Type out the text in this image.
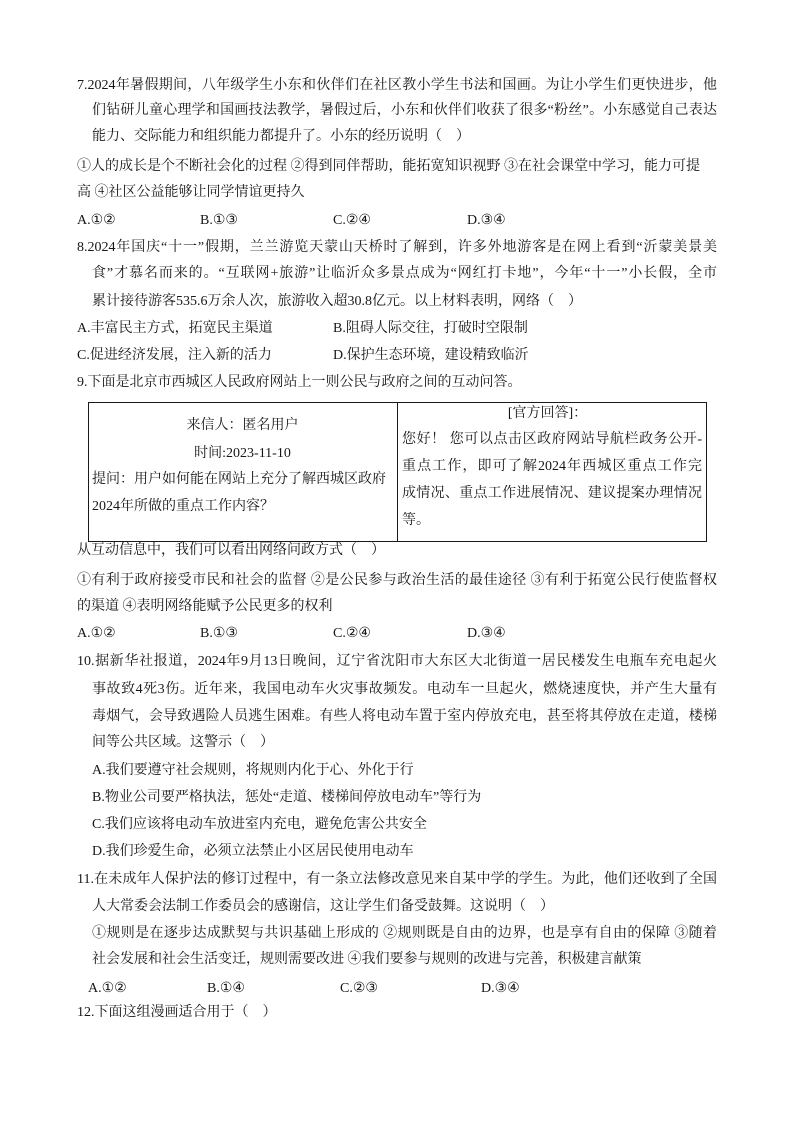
7.2024年暑假期间，八年级学生小东和伙伴们在社区教小学生书法和国画。为让小学生们更快进步，他
们钻研儿童心理学和国画技法教学，暑假过后，小东和伙伴们收获了很多“粉丝”。小东感觉自己表达
能力、交际能力和组织能力都提升了。小东的经历说明（    ）
①人的成长是个不断社会化的过程 ②得到同伴帮助，能拓宽知识视野 ③在社会课堂中学习，能力可提
高 ④社区公益能够让同学情谊更持久
A.①②	B.①③	C.②④	D.③④
8.2024年国庆“十一”假期，兰兰游览天蒙山天桥时了解到，许多外地游客是在网上看到“沂蒙美景美
食”才慕名而来的。“互联网+旅游”让临沂众多景点成为“网红打卡地”，今年“十一”小长假，全市
累计接待游客535.6万余人次，旅游收入超30.8亿元。以上材料表明，网络（    ）
A.丰富民主方式，拓宽民主渠道	B.阻碍人际交往，打破时空限制
C.促进经济发展，注入新的活力	D.保护生态环境，建设精致临沂
9.下面是北京市西城区人民政府网站上一则公民与政府之间的互动问答。
来信人：匿名用户
时间:2023-11-10
提问：用户如何能在网站上充分了解西城区政府
2024年所做的重点工作内容？
[官方回答]：
您好！ 您可以点击区政府网站导航栏政务公开-
重点工作，即可了解2024年西城区重点工作完
成情况、重点工作进展情况、建议提案办理情况
等。
从互动信息中，我们可以看出网络问政方式（    ）
①有利于政府接受市民和社会的监督 ②是公民参与政治生活的最佳途径 ③有利于拓宽公民行使监督权
的渠道 ④表明网络能赋予公民更多的权利
A.①②	B.①③	C.②④	D.③④
10.据新华社报道，2024年9月13日晚间，辽宁省沈阳市大东区大北街道一居民楼发生电瓶车充电起火
事故致4死3伤。近年来，我国电动车火灾事故频发。电动车一旦起火，燃烧速度快，并产生大量有
毒烟气，会导致遇险人员逃生困难。有些人将电动车置于室内停放充电，甚至将其停放在走道，楼梯
间等公共区域。这警示（    ）
A.我们要遵守社会规则，将规则内化于心、外化于行
B.物业公司要严格执法，惩处“走道、楼梯间停放电动车”等行为
C.我们应该将电动车放进室内充电，避免危害公共安全
D.我们珍爱生命，必须立法禁止小区居民使用电动车
11.在未成年人保护法的修订过程中，有一条立法修改意见来自某中学的学生。为此，他们还收到了全国
人大常委会法制工作委员会的感谢信，这让学生们备受鼓舞。这说明（    ）
①规则是在逐步达成默契与共识基础上形成的 ②规则既是自由的边界，也是享有自由的保障 ③随着
社会发展和社会生活变迁，规则需要改进 ④我们要参与规则的改进与完善，积极建言献策
A.①②	B.①④	C.②③	D.③④
12.下面这组漫画适合用于（    ）
